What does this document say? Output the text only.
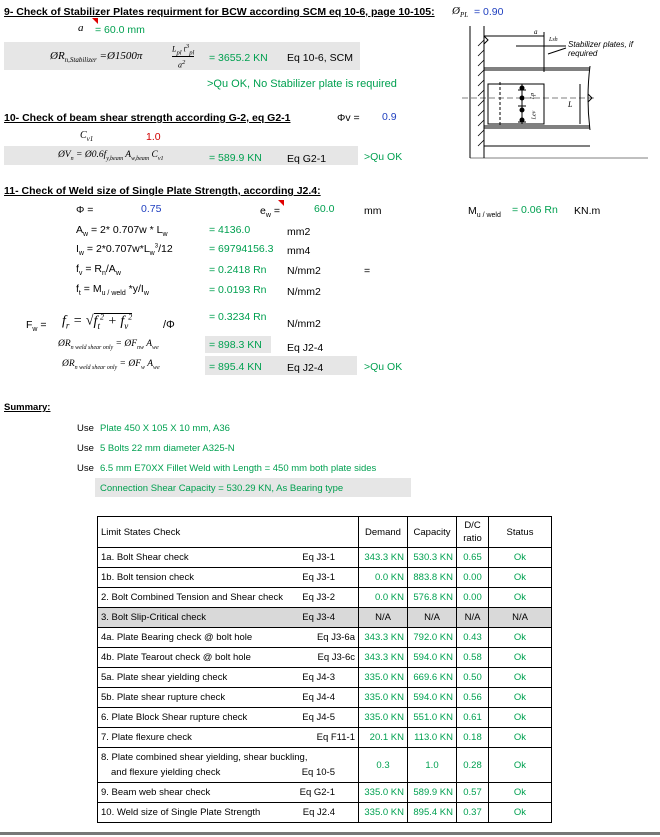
9- Check of Stabilizer Plates requirment for BCW according SCM eq 10-6, page 10-105: $Ø_{PL} = 0.90$
a = 60.0 mm
$ØR_{n,Stabilizer}$ =Ø1500π
$L_{pl}$ $t^3_{pl}$
$a^2 = 3655.2$ KN Eq 10-6, SCM
>Qu OK, No Stabilizer plate is required
a
Lsh Stabilizer plates, if required
Lp
Lev
L
10- Check of beam shear strength according G-2, eq G2-1	Φv = 0.9
$C_{v1}$	1.0
$ØV_n$ = $Ø0.6f_{y,beam}$ $A_{w,beam}$ $C_{v1}$	= 589.9 KN Eq G2-1	>Qu OK
11- Check of Weld size of Single Plate Strength, according J2.4:
Φ =	0.75	$e_w$ =	60.0	mm	$M_{u / weld} = 0.06$ Rn KN.m
$A_w = 2*$ $0.707w * L_w$	= 4136.0	mm2
$I_w = 2*0.707w*L_w^3/12$	= 69794156.3 mm4
$f_v = R_n/A_w$	= 0.2418 Rn N/mm2	=
$f_t = M_{u / weld}$ $*y/I_w$	= 0.0193 Rn N/mm2
$F_w = f_r = √f_t^2 + f_v^2$
/Φ
= 0.3234 Rn
N/mm2
$ØR_{n weld shear only}$ = $ØF_{nw}$ $A_{we}$	= 898.3 KN Eq J2-4
$ØR_{n weld shear only}$ = $ØF_w$ $A_{we}$	= 895.4 KN Eq J2-4	>Qu OK
Summary:
Use Plate 450 X 105 X 10 mm, A36
Use 5 Bolts 22 mm diameter A325-N
Use 6.5 mm E70XX Fillet Weld with Length = 450 mm both plate sides
Connection Shear Capacity = 530.29 KN, As Bearing type
Limit States Check	Demand	Capacity	D/C
ratio	Status

1a. Bolt Shear check Eq J3-1	343.3 KN	530.3 KN	0.65	Ok

1b. Bolt tension check Eq J3-1	0.0 KN	883.8 KN	0.00	Ok

2. Bolt Combined Tension and Shear check Eq J3-2	0.0 KN	576.8 KN	0.00	Ok

3. Bolt Slip-Critical check Eq J3-4	N/A	N/A	N/A	N/A

4a. Plate Bearing check @ bolt hole Eq J3-6a	343.3 KN	792.0 KN	0.43	Ok

4b. Plate Tearout check @ bolt hole Eq J3-6c	343.3 KN	594.0 KN	0.58	Ok

5a. Plate shear yielding check Eq J4-3	335.0 KN	669.6 KN	0.50	Ok

5b. Plate shear rupture check Eq J4-4	335.0 KN	594.0 KN	0.56	Ok

6. Plate Block Shear rupture check Eq J4-5	335.0 KN	551.0 KN	0.61	Ok

7. Plate flexure check Eq F11-1	20.1 KN	113.0 KN	0.18	Ok

8. Plate combined shear yielding, shear buckling,
and flexure yielding check Eq 10-5	0.3	1.0	0.28	Ok

9. Beam web shear check Eq G2-1	335.0 KN	589.9 KN	0.57	Ok

10. Weld size of Single Plate Strength Eq J2.4	335.0 KN	895.4 KN	0.37	Ok
